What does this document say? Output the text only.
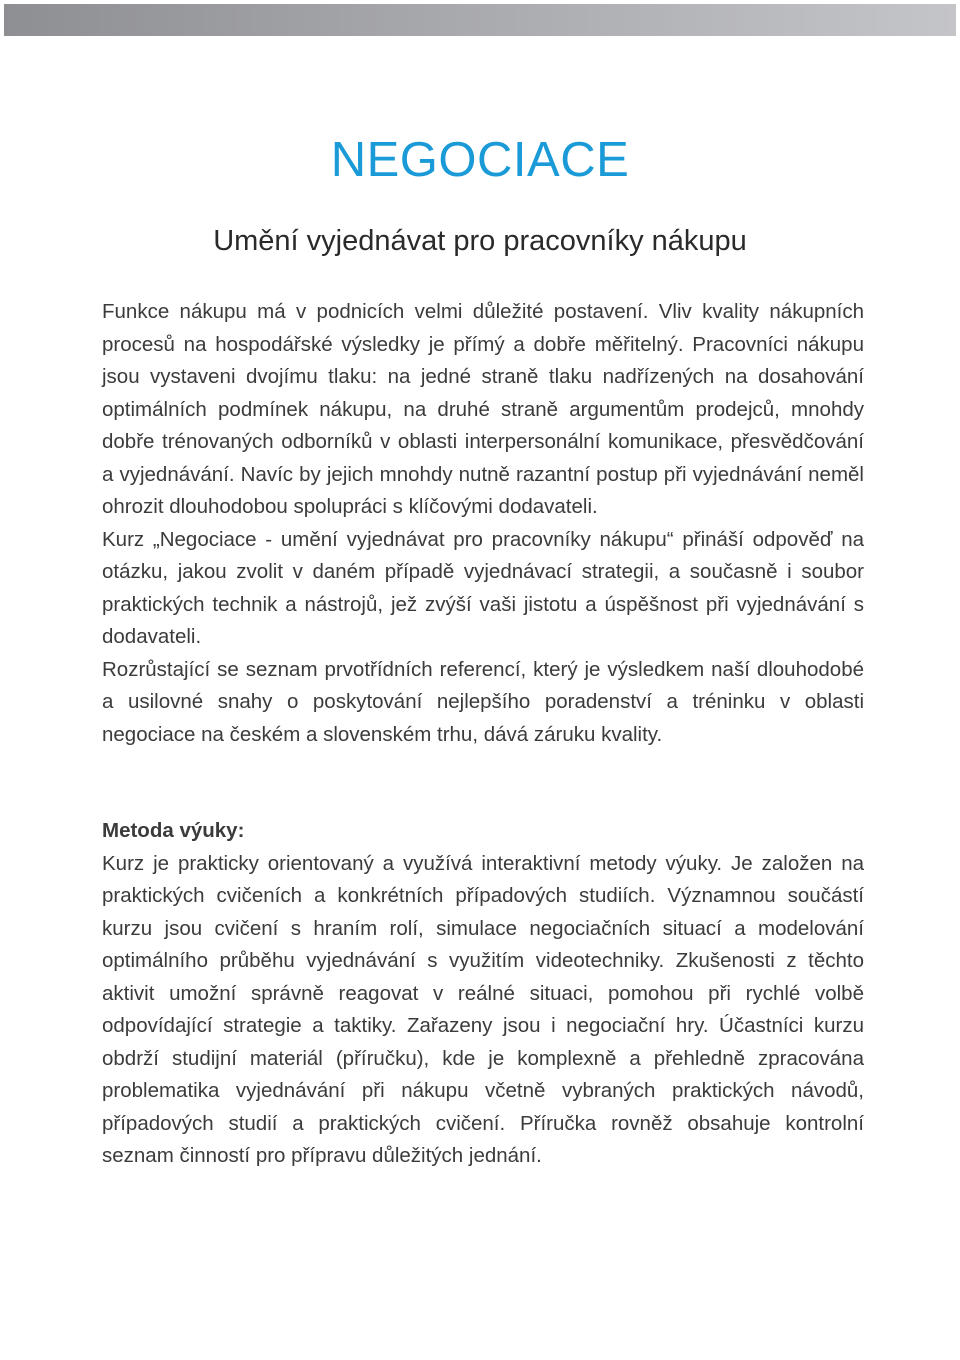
NEGOCIACE
Umění vyjednávat pro pracovníky nákupu

Funkce nákupu má v podnicích velmi důležité postavení. Vliv kvality nákupních procesů na hospodářské výsledky je přímý a dobře měřitelný. Pracovníci nákupu jsou vystaveni dvojímu tlaku: na jedné straně tlaku nadřízených na dosahování optimálních podmínek nákupu, na druhé straně argumentům prodejců, mnohdy dobře trénovaných odborníků v oblasti interpersonální komunikace, přesvědčování a vyjednávání. Navíc by jejich mnohdy nutně razantní postup při vyjednávání neměl ohrozit dlouhodobou spolupráci s klíčovými dodavateli.

Kurz „Negociace - umění vyjednávat pro pracovníky nákupu“ přináší odpověď na otázku, jakou zvolit v daném případě vyjednávací strategii, a současně i soubor praktických technik a nástrojů, jež zvýší vaši jistotu a úspěšnost při vyjednávání s dodavateli.

Rozrůstající se seznam prvotřídních referencí, který je výsledkem naší dlouhodobé a usilovné snahy o poskytování nejlepšího poradenství a tréninku v oblasti negociace na českém a slovenském trhu, dává záruku kvality.

Metoda výuky:

Kurz je prakticky orientovaný a využívá interaktivní metody výuky. Je založen na praktických cvičeních a konkrétních případových studiích. Významnou součástí kurzu jsou cvičení s hraním rolí, simulace negociačních situací a modelování optimálního průběhu vyjednávání s využitím videotechniky. Zkušenosti z těchto aktivit umožní správně reagovat v reálné situaci, pomohou při rychlé volbě odpovídající strategie a taktiky. Zařazeny jsou i negociační hry. Účastníci kurzu obdrží studijní materiál (příručku), kde je komplexně a přehledně zpracována problematika vyjednávání při nákupu včetně vybraných praktických návodů, případových studií a praktických cvičení. Příručka rovněž obsahuje kontrolní seznam činností pro přípravu důležitých jednání.
